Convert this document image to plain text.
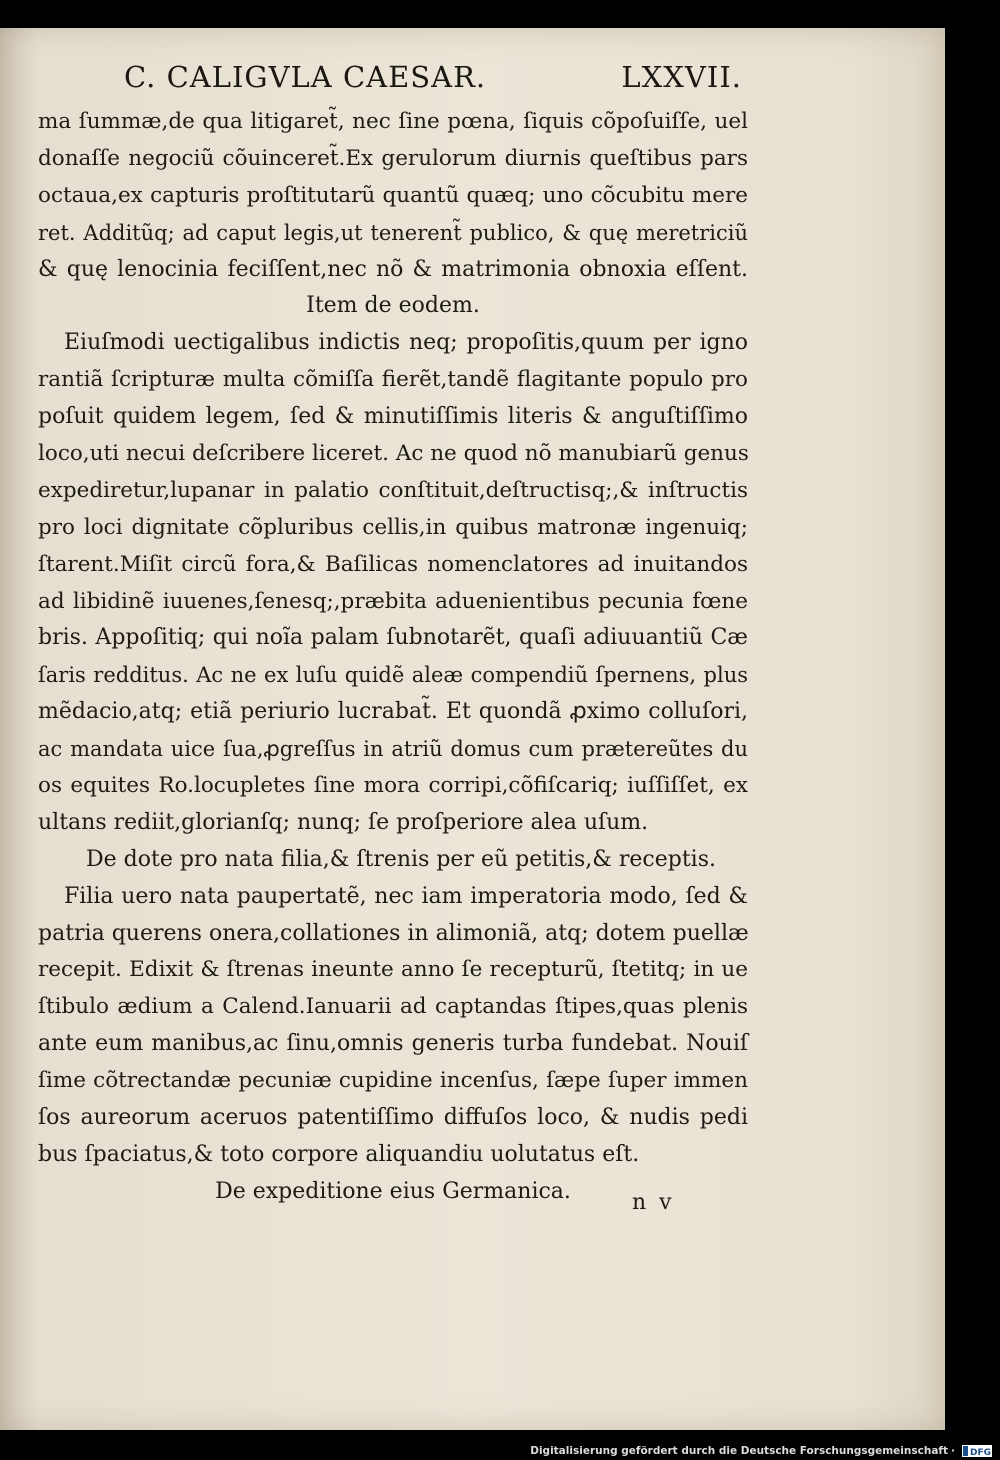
C. CALIGVLA CAESAR.	LXXVII.
ma ſummæ,de qua litigaret̃, nec ſine pœna, ſiquis cõpoſuiſſe, uel
donaſſe negociũ cõuinceret̃.Ex gerulorum diurnis queſtibus pars
octaua,ex capturis proſtitutarũ quantũ quæq; uno cõcubitu mere
ret. Additũq; ad caput legis,ut tenerent̃ publico, & quę meretriciũ
& quę lenocinia feciſſent,nec nõ & matrimonia obnoxia eſſent.
Item de eodem.
Eiuſmodi uectigalibus indictis neq; propoſitis,quum per igno
rantiã ſcripturæ multa cõmiſſa fierẽt,tandẽ flagitante populo pro
poſuit quidem legem, ſed & minutiſſimis literis & anguſtiſſimo
loco,uti necui deſcribere liceret. Ac ne quod nõ manubiarũ genus
expediretur,lupanar in palatio conſtituit,deſtructisq;,& inſtructis
pro loci dignitate cõpluribus cellis,in quibus matronæ ingenuiq;
ſtarent.Miſit circũ fora,& Baſilicas nomenclatores ad inuitandos
ad libidinẽ iuuenes,ſenesq;,præbita aduenientibus pecunia fœne
bris. Appoſitiq; qui noĩa palam ſubnotarẽt, quaſi adiuuantiũ Cæ
ſaris redditus. Ac ne ex luſu quidẽ aleæ compendiũ ſpernens, plus
mẽdacio,atq; etiã periurio lucrabat̃. Et quondã ꝓximo colluſori,
ac mandata uice ſua,ꝓgreſſus in atriũ domus cum prætereũtes du
os equites Ro.locupletes ſine mora corripi,cõfiſcariq; iuſſiſſet, ex
ultans rediit,glorianſq; nunq; ſe proſperiore alea uſum.
De dote pro nata filia,& ſtrenis per eũ petitis,& receptis.
Filia uero nata paupertatẽ, nec iam imperatoria modo, ſed &
patria querens onera,collationes in alimoniã, atq; dotem puellæ
recepit. Edixit & ſtrenas ineunte anno ſe recepturũ, ſtetitq; in ue
ſtibulo ædium a Calend.Ianuarii ad captandas ſtipes,quas plenis
ante eum manibus,ac ſinu,omnis generis turba fundebat. Nouiſ
ſime cõtrectandæ pecuniæ cupidine incenſus, ſæpe ſuper immen
ſos aureorum aceruos patentiſſimo diffuſos loco, & nudis pedi
bus ſpaciatus,& toto corpore aliquandiu uolutatus eſt.
De expeditione eius Germanica.	n v
Digitalisierung gefördert durch die Deutsche Forschungsgemeinschaft · DFG
